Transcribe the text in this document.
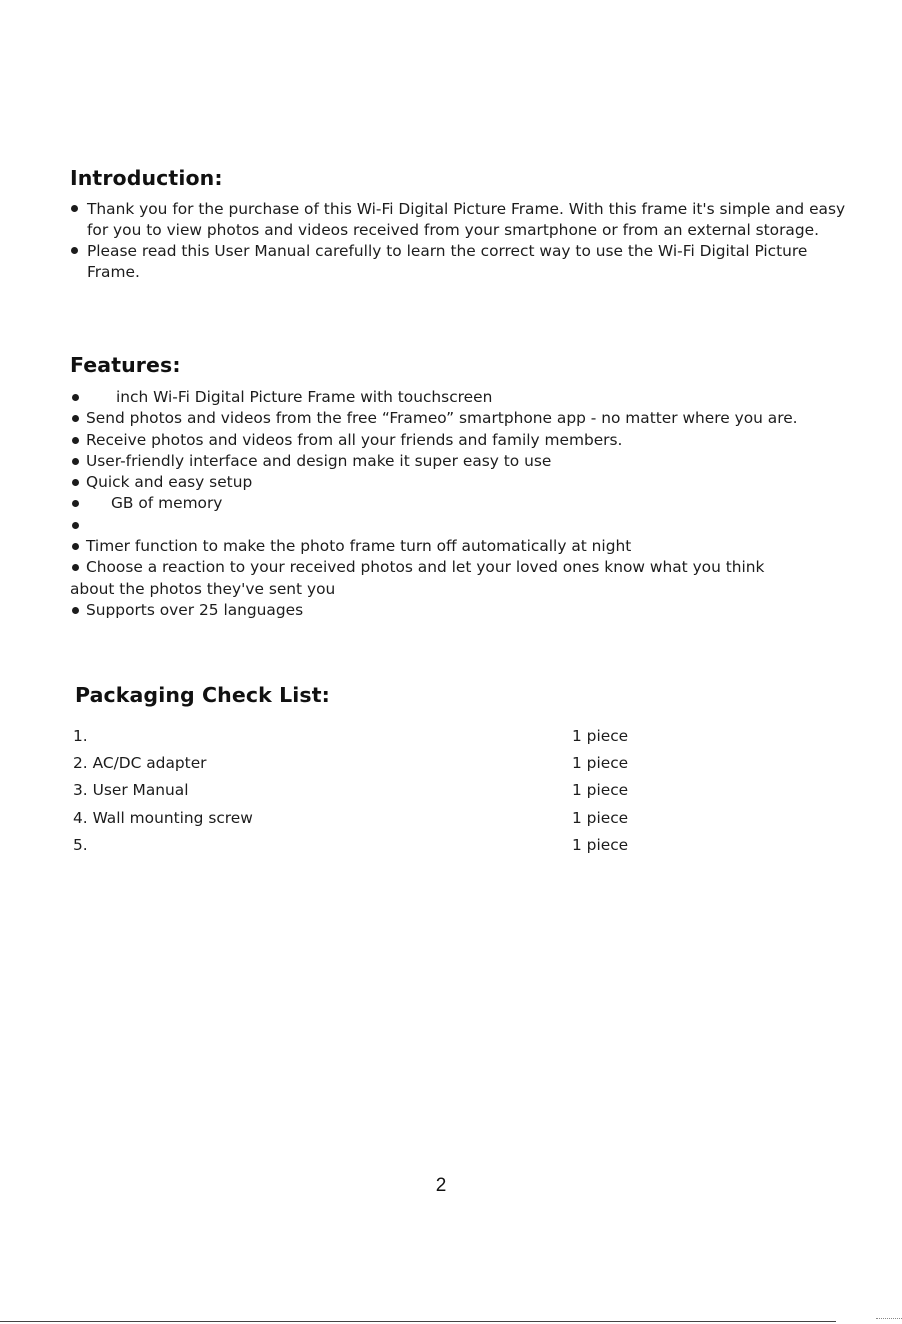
Introduction:
Thank you for the purchase of this Wi-Fi Digital Picture Frame. With this frame it's simple and easy for you to view photos and videos received from your smartphone or from an external storage.
Please read this User Manual carefully to learn the correct way to use the Wi-Fi Digital Picture Frame.
Features:
inch Wi-Fi Digital Picture Frame with touchscreen
Send photos and videos from the free “Frameo” smartphone app - no matter where you are.
Receive photos and videos from all your friends and family members.
User-friendly interface and design make it super easy to use
Quick and easy setup
GB of memory
Timer function to make the photo frame turn off automatically at night
Choose a reaction to your received photos and let your loved ones know what you think about the photos they've sent you
Supports over 25 languages
Packaging Check List:
1.	1 piece
2. AC/DC adapter	1 piece
3. User Manual	1 piece
4. Wall mounting screw	1 piece
5.	1 piece
2
